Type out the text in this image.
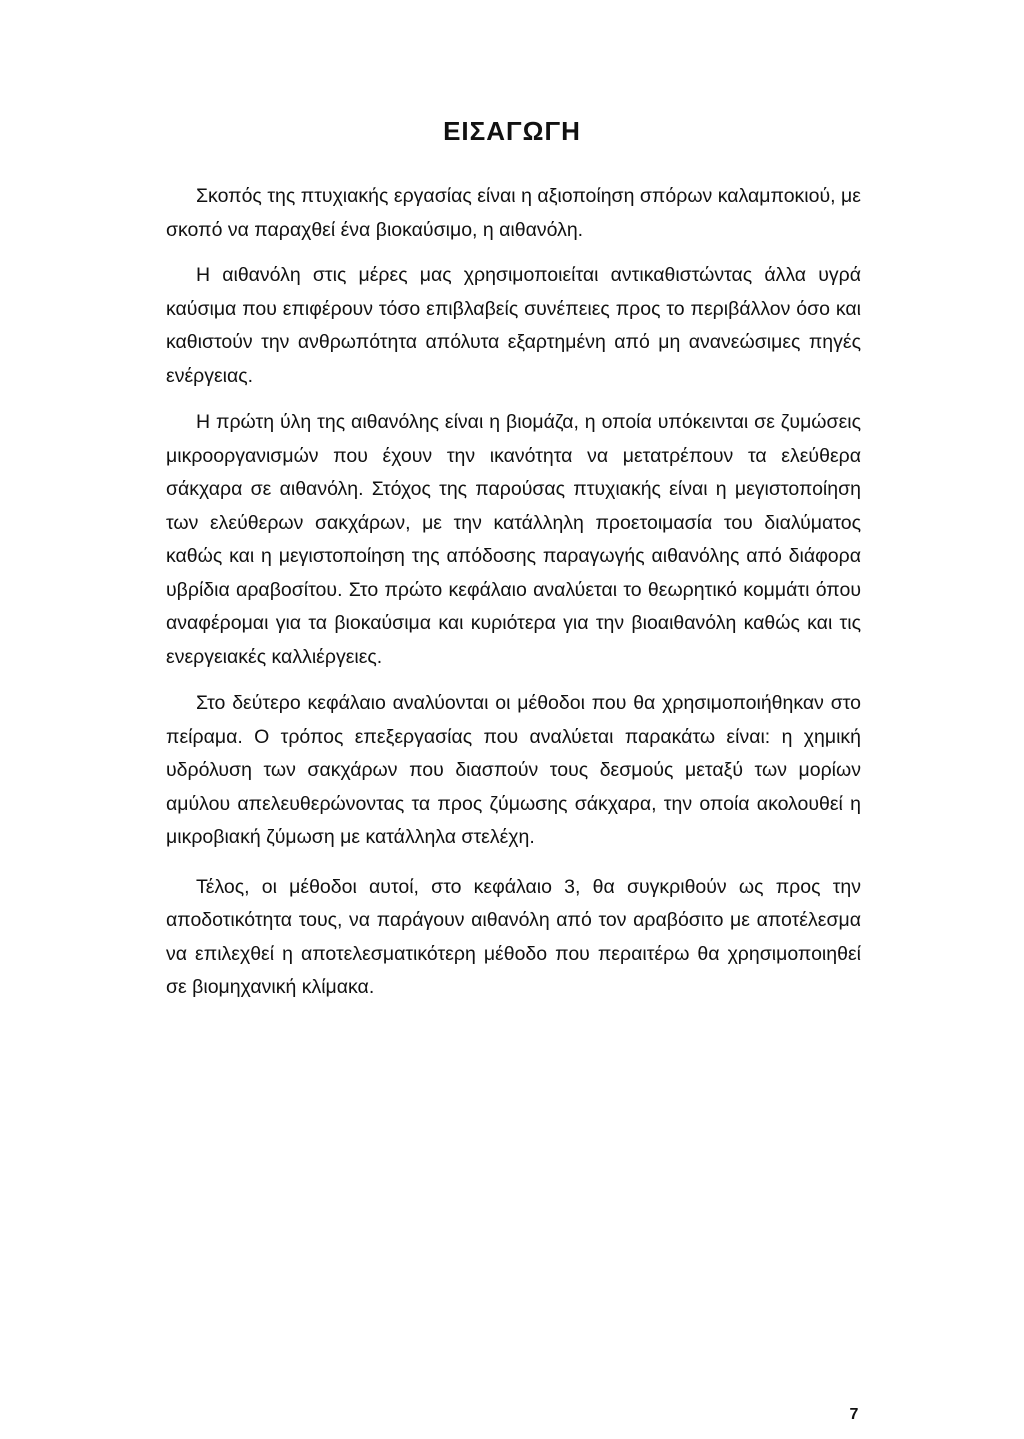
ΕΙΣΑΓΩΓΗ

Σκοπός της πτυχιακής εργασίας είναι η αξιοποίηση σπόρων καλαμποκιού, με σκοπό να παραχθεί ένα βιοκαύσιμο, η αιθανόλη.

Η αιθανόλη στις μέρες μας χρησιμοποιείται αντικαθιστώντας άλλα υγρά καύσιμα που επιφέρουν τόσο επιβλαβείς συνέπειες προς το περιβάλλον όσο και καθιστούν την ανθρωπότητα απόλυτα εξαρτημένη από μη ανανεώσιμες πηγές ενέργειας.

Η πρώτη ύλη της αιθανόλης είναι η βιομάζα, η οποία υπόκεινται σε ζυμώσεις μικροοργανισμών που έχουν την ικανότητα να μετατρέπουν τα ελεύθερα σάκχαρα σε αιθανόλη. Στόχος της παρούσας πτυχιακής είναι η μεγιστοποίηση των ελεύθερων σακχάρων, με την κατάλληλη προετοιμασία του διαλύματος καθώς και η μεγιστοποίηση της απόδοσης παραγωγής αιθανόλης από διάφορα υβρίδια αραβοσίτου. Στο πρώτο κεφάλαιο αναλύεται το θεωρητικό κομμάτι όπου αναφέρομαι για τα βιοκαύσιμα και κυριότερα για την βιοαιθανόλη καθώς και τις ενεργειακές καλλιέργειες.

Στο δεύτερο κεφάλαιο αναλύονται οι μέθοδοι που θα χρησιμοποιήθηκαν στο πείραμα. Ο τρόπος επεξεργασίας που αναλύεται παρακάτω είναι: η χημική υδρόλυση των σακχάρων που διασπούν τους δεσμούς μεταξύ των μορίων αμύλου απελευθερώνοντας τα προς ζύμωσης σάκχαρα, την οποία ακολουθεί η μικροβιακή ζύμωση με κατάλληλα στελέχη.

Τέλος, οι μέθοδοι αυτοί, στο κεφάλαιο 3, θα συγκριθούν ως προς την αποδοτικότητα τους, να παράγουν αιθανόλη από τον αραβόσιτο με αποτέλεσμα να επιλεχθεί η αποτελεσματικότερη μέθοδο που περαιτέρω θα χρησιμοποιηθεί σε βιομηχανική κλίμακα.

7
